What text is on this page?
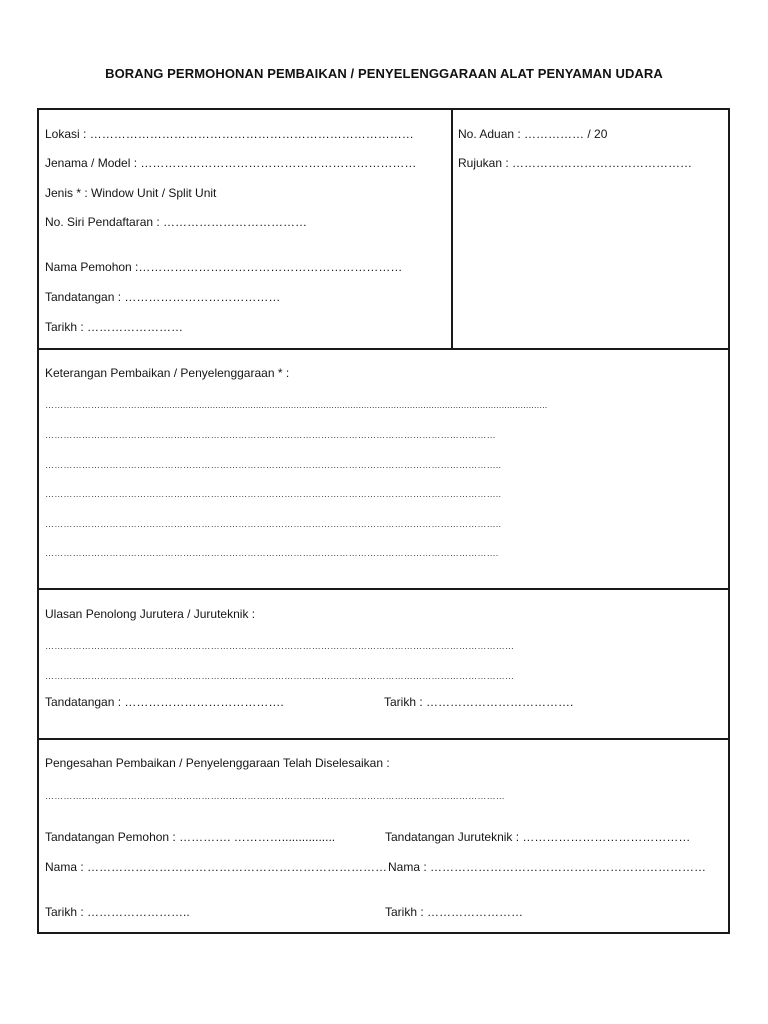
BORANG PERMOHONAN PEMBAIKAN / PENYELENGGARAAN ALAT PENYAMAN UDARA
Lokasi : ………………………………………………………………………
Jenama / Model : ……………………………………………………………
Jenis * : Window Unit / Split Unit
No. Siri Pendaftaran : ………………………………
Nama Pemohon :…………………………………………………………
Tandatangan : …………………………………
Tarikh : ……………………
No. Aduan : …………… / 20
Rujukan : ………………………………………
Keterangan Pembaikan / Penyelenggaraan * :
…………………………........................................................................................................................................................
…………………………………………………………………………………………………………………………………
…………………………………………………………………………………………………………………………………..
…………………………………………………………………………………………………………………………………..
…………………………………………………………………………………………………………………………………..
………………………………………………………………………………………………………………………………….
Ulasan Penolong Jurutera / Juruteknik :
………………………………………………………………………………………………………………………………………
………………………………………………………………………………………………………………………………………
Tandatangan : ………………………………….	Tarikh : ……………………………….
Pengesahan Pembaikan / Penyelenggaraan Telah Diselesaikan :
……………………………………………………………………………………………………………………………………
Tandatangan Pemohon : …………. …………................	Tandatangan Juruteknik : ……………………………………
Nama : ………………………………………………………………… Nama : ……………………………………………………………
Tarikh : ……………………..	Tarikh : ……………………
